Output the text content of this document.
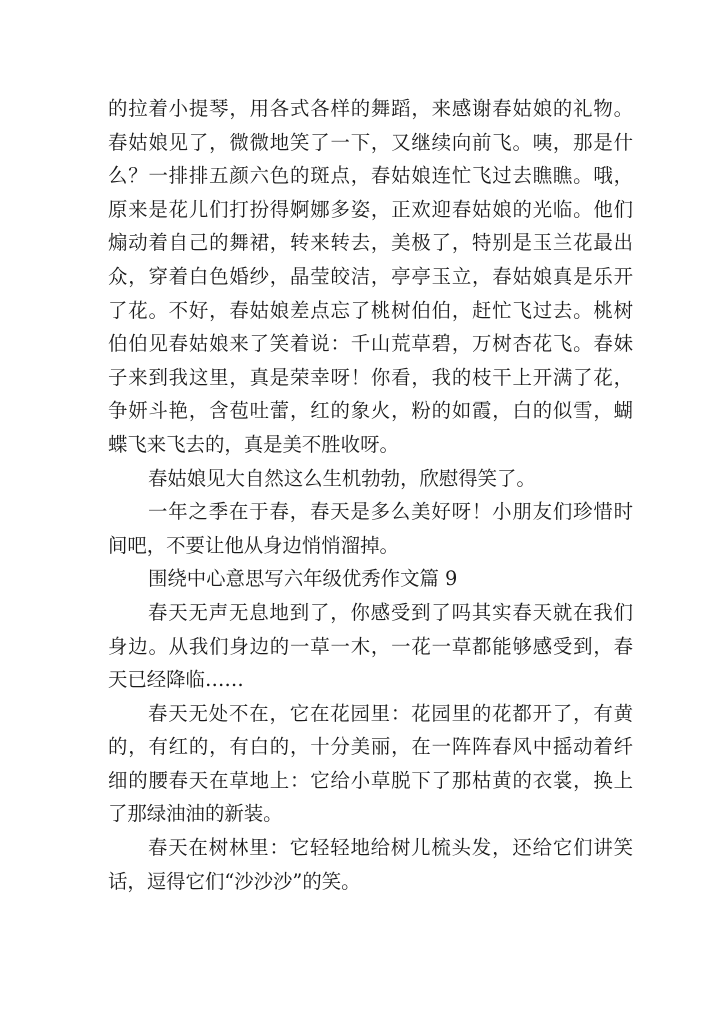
的拉着小提琴，用各式各样的舞蹈，来感谢春姑娘的礼物。
春姑娘见了，微微地笑了一下，又继续向前飞。咦，那是什
么？一排排五颜六色的斑点，春姑娘连忙飞过去瞧瞧。哦，
原来是花儿们打扮得婀娜多姿，正欢迎春姑娘的光临。他们
煽动着自己的舞裙，转来转去，美极了，特别是玉兰花最出
众，穿着白色婚纱，晶莹皎洁，亭亭玉立，春姑娘真是乐开
了花。不好，春姑娘差点忘了桃树伯伯，赶忙飞过去。桃树
伯伯见春姑娘来了笑着说：千山荒草碧，万树杏花飞。春妹
子来到我这里，真是荣幸呀！你看，我的枝干上开满了花，
争妍斗艳，含苞吐蕾，红的象火，粉的如霞，白的似雪，蝴
蝶飞来飞去的，真是美不胜收呀。
春姑娘见大自然这么生机勃勃，欣慰得笑了。
一年之季在于春，春天是多么美好呀！小朋友们珍惜时
间吧，不要让他从身边悄悄溜掉。
围绕中心意思写六年级优秀作文篇 9
春天无声无息地到了，你感受到了吗其实春天就在我们
身边。从我们身边的一草一木，一花一草都能够感受到，春
天已经降临……
春天无处不在，它在花园里：花园里的花都开了，有黄
的，有红的，有白的，十分美丽，在一阵阵春风中摇动着纤
细的腰春天在草地上：它给小草脱下了那枯黄的衣裳，换上
了那绿油油的新装。
春天在树林里：它轻轻地给树儿梳头发，还给它们讲笑
话，逗得它们“沙沙沙”的笑。
